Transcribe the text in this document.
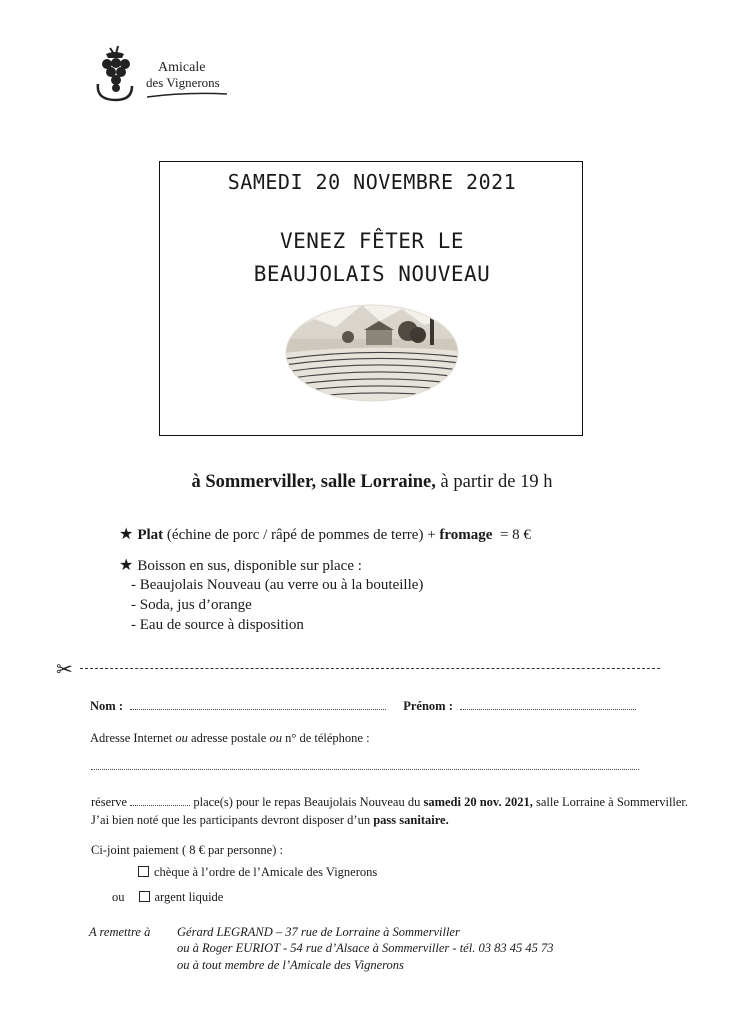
Amicale
des Vignerons
SAMEDI 20 NOVEMBRE 2021
VENEZ FÊTER LE
BEAUJOLAIS NOUVEAU
à Sommerviller, salle Lorraine, à partir de 19 h
★ Plat (échine de porc / râpé de pommes de terre) + fromage  = 8 €
★ Boisson en sus, disponible sur place :
- Beaujolais Nouveau (au verre ou à la bouteille)
- Soda, jus d’orange
- Eau de source à disposition
✂
Nom :	Prénom :
Adresse Internet ou adresse postale ou n° de téléphone :
réserve	place(s) pour le repas Beaujolais Nouveau du samedi 20 nov. 2021, salle Lorraine à Sommerviller. J’ai bien noté que les participants devront disposer d’un pass sanitaire.
Ci-joint paiement ( 8 € par personne) :
chèque à l’ordre de l’Amicale des Vignerons
ou argent liquide
A remettre à Gérard LEGRAND – 37 rue de Lorraine à Sommerviller
ou à Roger EURIOT - 54 rue d’Alsace à Sommerviller - tél. 03 83 45 45 73
ou à tout membre de l’Amicale des Vignerons
